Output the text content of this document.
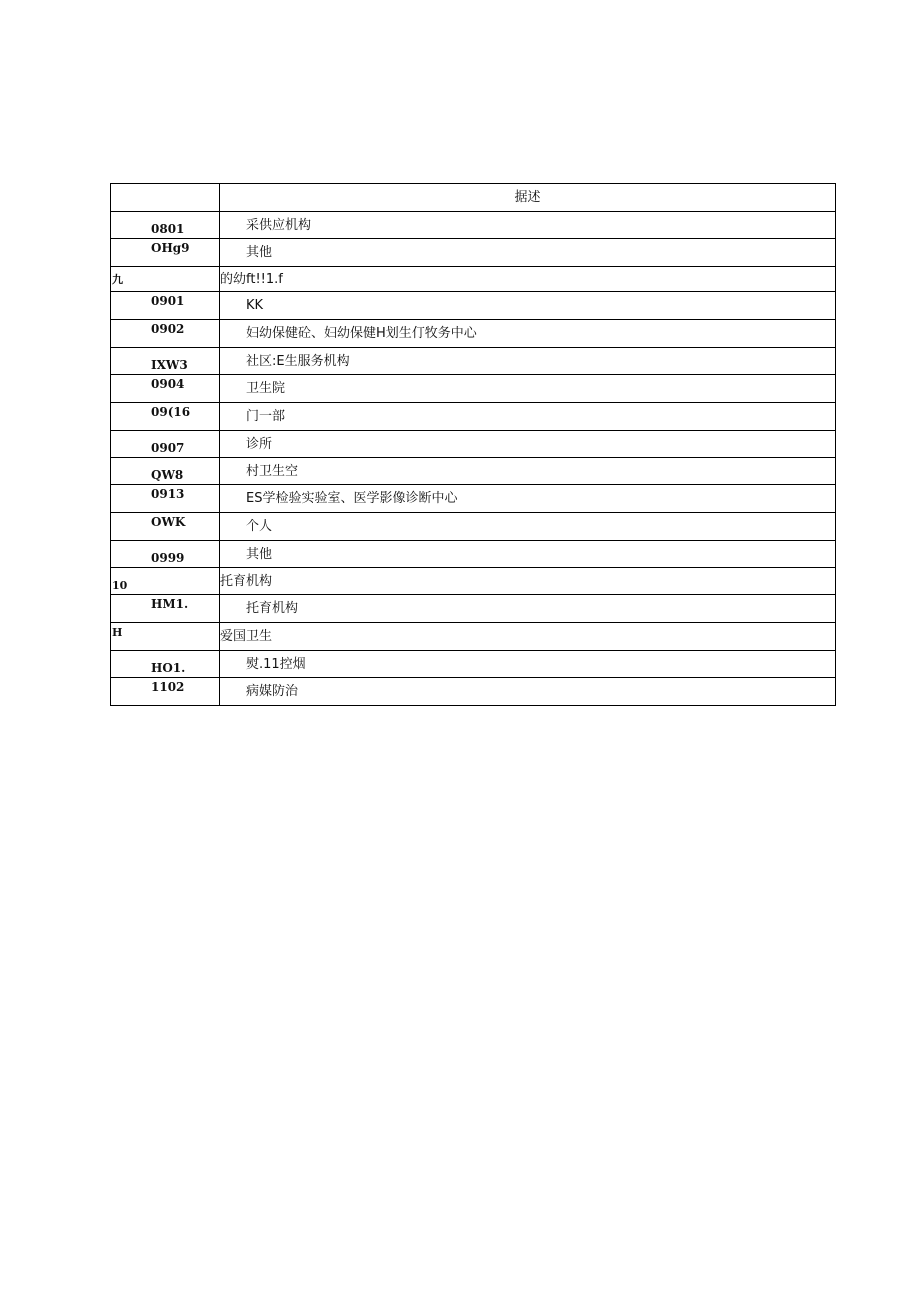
	据述
0801	采供应机构
OHg9	其他
九	的幼ft!!1.f
0901	KK
0902	妇幼保健砼、妇幼保健H划生仃牧务中心
IXW3	社区:E生服务机构
0904	卫生院
09(16	门一部
0907	诊所
QW8	村卫生空
0913	ES学检验实验室、医学影像诊断中心
OWK	个人
0999	其他
10	托育机构
HM1.	托育机构
H	爱国卫生
HO1.	熨.11控烟
1102	病媒防治
